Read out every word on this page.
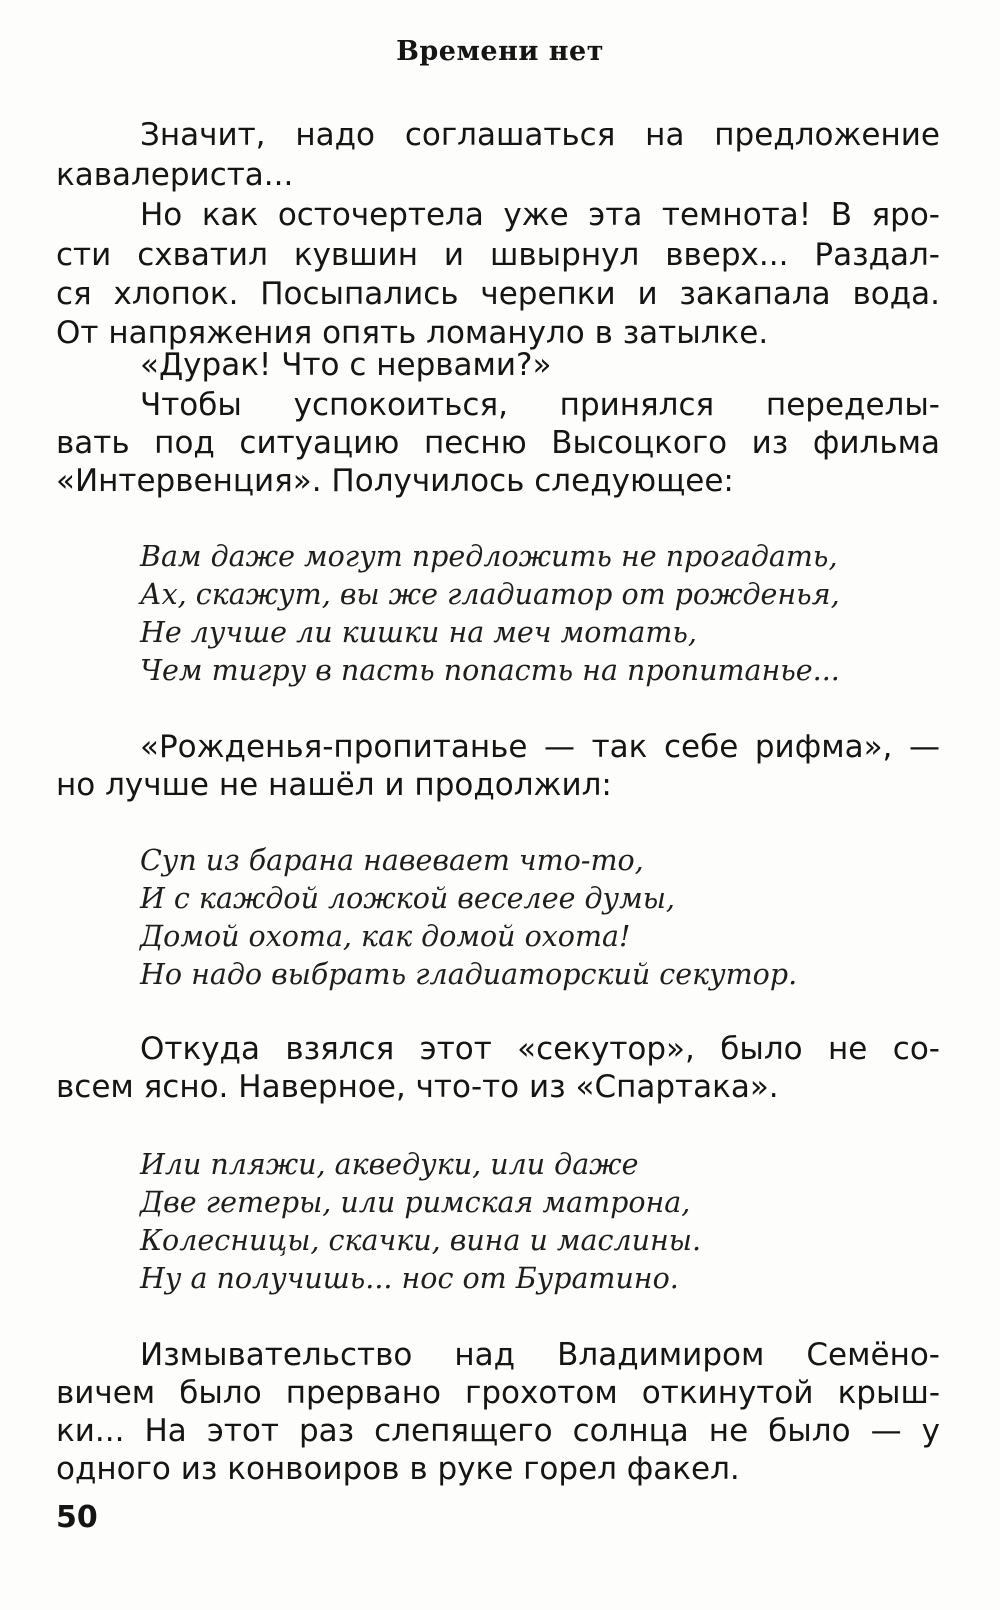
Времени нет
Значит, надо соглашаться на предложение
кавалериста...
Но как осточертела уже эта темнота! В яро-
сти схватил кувшин и швырнул вверх... Раздал-
ся хлопок. Посыпались черепки и закапала вода.
От напряжения опять ломануло в затылке.
«Дурак! Что с нервами?»
Чтобы успокоиться, принялся переделы-
вать под ситуацию песню Высоцкого из фильма
«Интервенция». Получилось следующее:
Вам даже могут предложить не прогадать,
Ах, скажут, вы же гладиатор от рожденья,
Не лучше ли кишки на меч мотать,
Чем тигру в пасть попасть на пропитанье...
«Рожденья-пропитанье — так себе рифма», —
но лучше не нашёл и продолжил:
Суп из барана навевает что-то,
И с каждой ложкой веселее думы,
Домой охота, как домой охота!
Но надо выбрать гладиаторский секутор.
Откуда взялся этот «секутор», было не со-
всем ясно. Наверное, что-то из «Спартака».
Или пляжи, акведуки, или даже
Две гетеры, или римская матрона,
Колесницы, скачки, вина и маслины.
Ну а получишь... нос от Буратино.
Измывательство над Владимиром Семёно-
вичем было прервано грохотом откинутой крыш-
ки... На этот раз слепящего солнца не было — у
одного из конвоиров в руке горел факел.
50
